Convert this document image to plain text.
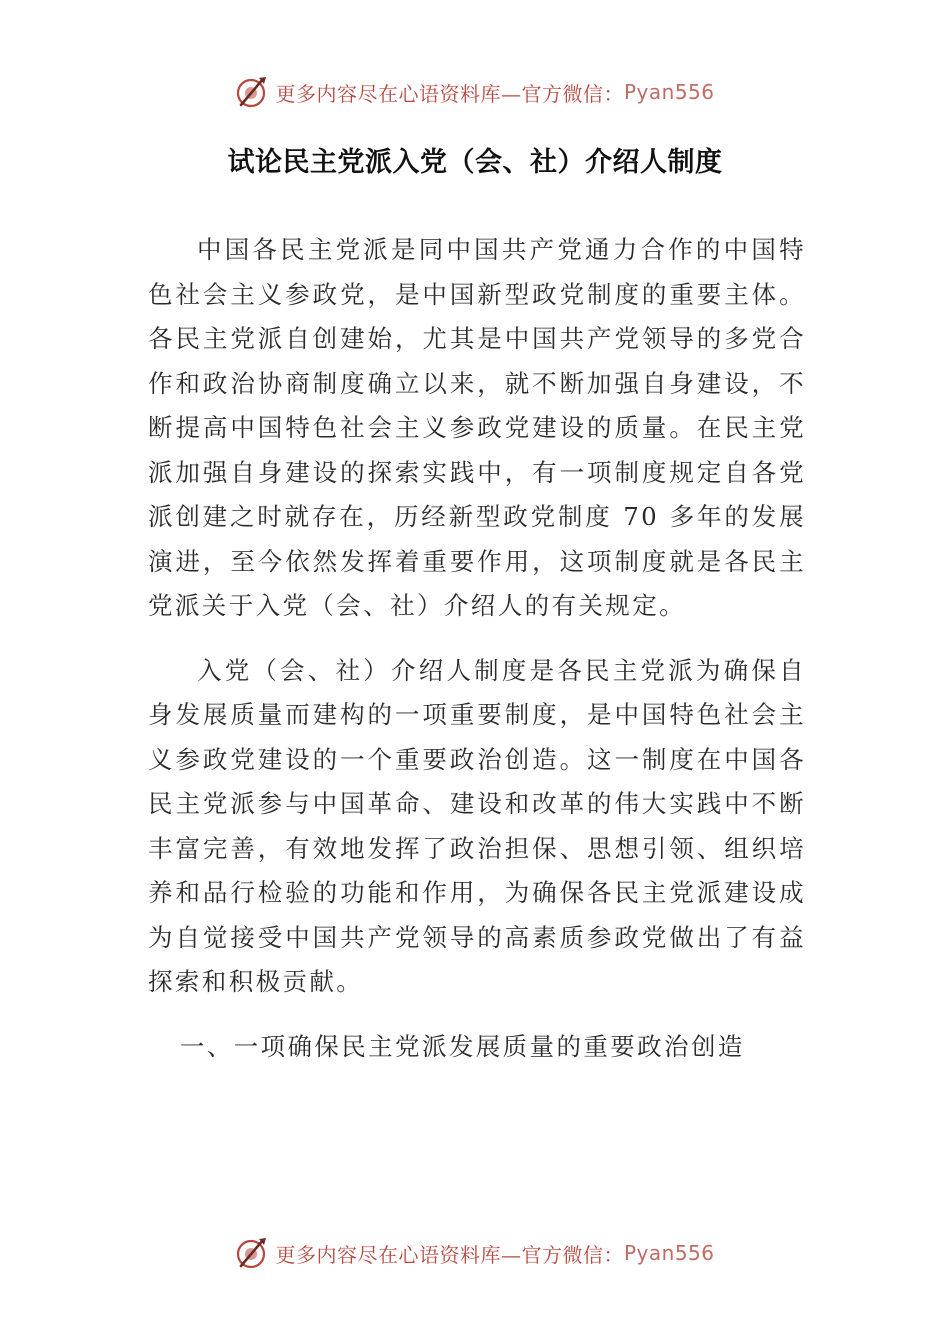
更多内容尽在心语资料库—官方微信： Pyan556
试论民主党派入党（会、社）介绍人制度

中国各民主党派是同中国共产党通力合作的中国特色社会主义参政党，是中国新型政党制度的重要主体。各民主党派自创建始，尤其是中国共产党领导的多党合作和政治协商制度确立以来，就不断加强自身建设，不断提高中国特色社会主义参政党建设的质量。在民主党派加强自身建设的探索实践中，有一项制度规定自各党派创建之时就存在，历经新型政党制度 70 多年的发展演进，至今依然发挥着重要作用，这项制度就是各民主党派关于入党（会、社）介绍人的有关规定。

入党（会、社）介绍人制度是各民主党派为确保自身发展质量而建构的一项重要制度，是中国特色社会主义参政党建设的一个重要政治创造。这一制度在中国各民主党派参与中国革命、建设和改革的伟大实践中不断丰富完善，有效地发挥了政治担保、思想引领、组织培养和品行检验的功能和作用，为确保各民主党派建设成为自觉接受中国共产党领导的高素质参政党做出了有益探索和积极贡献。

一、一项确保民主党派发展质量的重要政治创造

更多内容尽在心语资料库—官方微信： Pyan556
